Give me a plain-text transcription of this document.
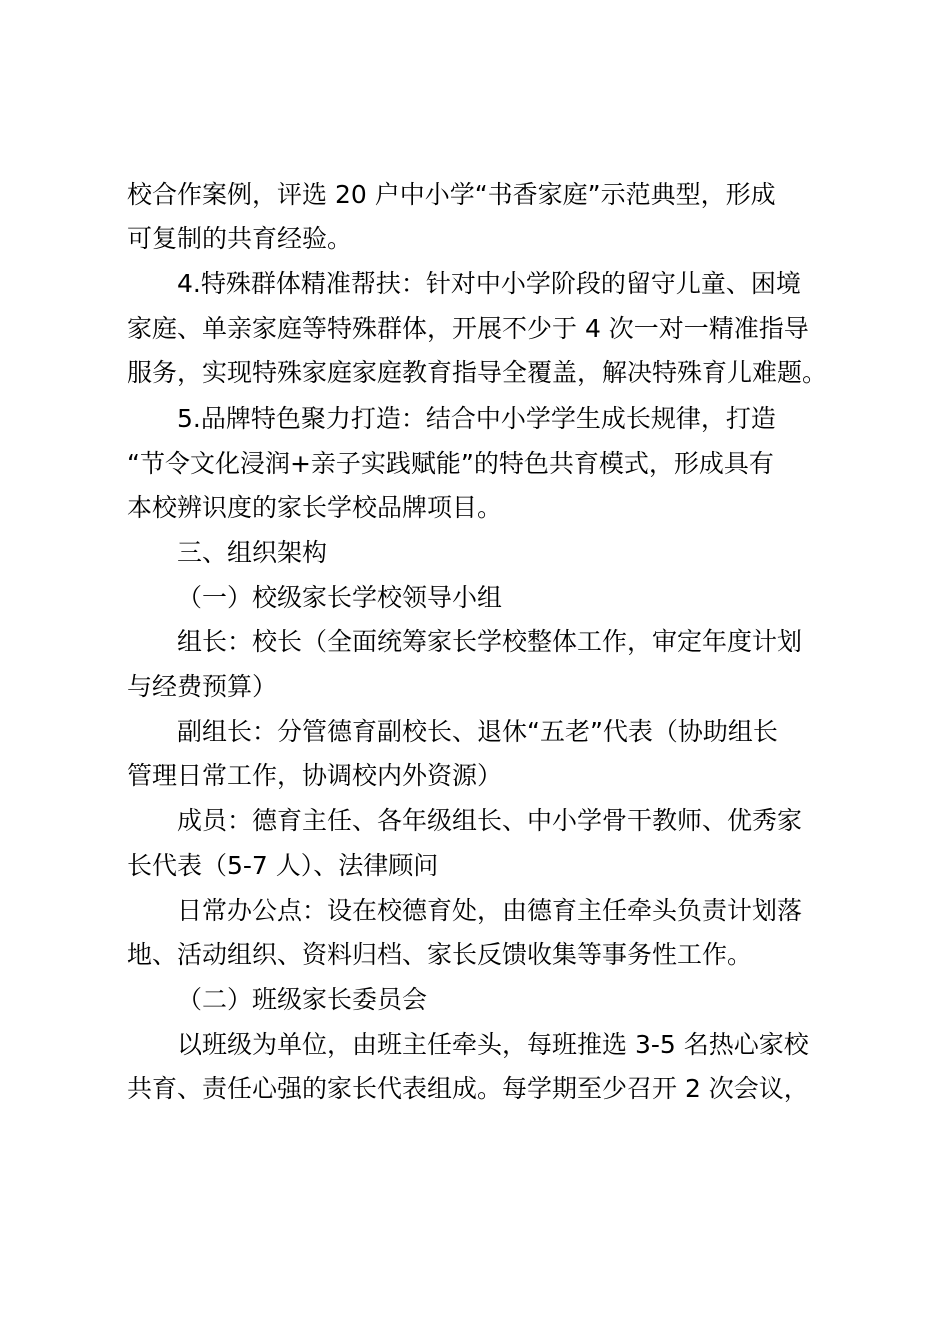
校合作案例，评选 20 户中小学“书香家庭”示范典型，形成
可复制的共育经验。
4.特殊群体精准帮扶：针对中小学阶段的留守儿童、困境
家庭、单亲家庭等特殊群体，开展不少于 4 次一对一精准指导
服务，实现特殊家庭家庭教育指导全覆盖，解决特殊育儿难题。
5.品牌特色聚力打造：结合中小学学生成长规律，打造
“节令文化浸润+亲子实践赋能”的特色共育模式，形成具有
本校辨识度的家长学校品牌项目。
三、组织架构
（一）校级家长学校领导小组
组长：校长（全面统筹家长学校整体工作，审定年度计划
与经费预算）
副组长：分管德育副校长、退休“五老”代表（协助组长
管理日常工作，协调校内外资源）
成员：德育主任、各年级组长、中小学骨干教师、优秀家
长代表（5-7 人）、法律顾问
日常办公点：设在校德育处，由德育主任牵头负责计划落
地、活动组织、资料归档、家长反馈收集等事务性工作。
（二）班级家长委员会
以班级为单位，由班主任牵头，每班推选 3-5 名热心家校
共育、责任心强的家长代表组成。每学期至少召开 2 次会议，
